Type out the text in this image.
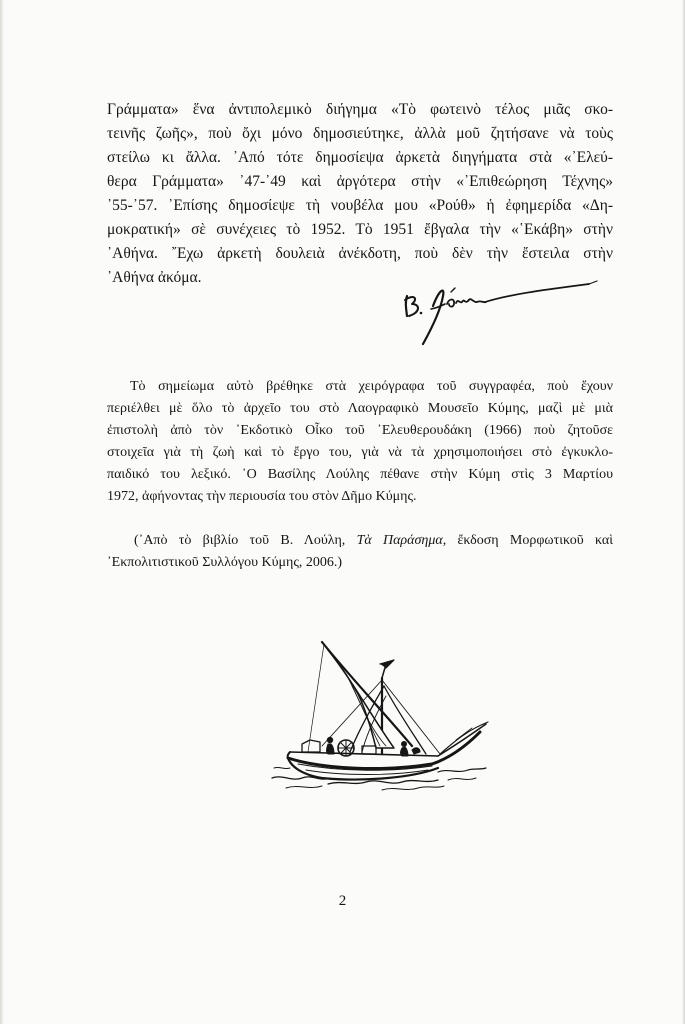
Γράμματα» ἕνα ἀντιπολεμικὸ διήγημα «Τὸ φωτεινὸ τέλος μιᾶς σκο-
τεινῆς ζωῆς», ποὺ ὄχι μόνο δημοσιεύτηκε, ἀλλὰ μοῦ ζητήσανε νὰ τοὺς
στείλω κι ἄλλα. ᾿Από τότε δημοσίεψα ἀρκετὰ διηγήματα στὰ «᾿Ελεύ-
θερα Γράμματα» ᾿47-᾿49 καὶ ἀργότερα στὴν «᾿Επιθεώρηση Τέχνης»
᾿55-᾿57. ᾿Επίσης δημοσίεψε τὴ νουβέλα μου «Ρούθ» ἡ ἐφημερίδα «Δη-
μοκρατική» σὲ συνέχειες τὸ 1952. Τὸ 1951 ἔβγαλα τὴν «῾Εκάβη» στὴν
᾿Αθήνα. ῎Εχω ἀρκετὴ δουλειὰ ἀνέκδοτη, ποὺ δὲν τὴν ἔστειλα στὴν
᾿Αθήνα ἀκόμα.
Τὸ σημείωμα αὐτὸ βρέθηκε στὰ χειρόγραφα τοῦ συγγραφέα, ποὺ ἔχουν
περιέλθει μὲ ὅλο τὸ ἀρχεῖο του στὸ Λαογραφικὸ Μουσεῖο Κύμης, μαζὶ μὲ μιὰ
ἐπιστολὴ ἀπὸ τὸν ᾿Εκδοτικὸ Οἶκο τοῦ ᾿Ελευθερουδάκη (1966) ποὺ ζητοῦσε
στοιχεῖα γιὰ τὴ ζωὴ καὶ τὸ ἔργο του, γιὰ νὰ τὰ χρησιμοποιήσει στὸ ἐγκυκλο-
παιδικό του λεξικό. ῾Ο Βασίλης Λούλης πέθανε στὴν Κύμη στὶς 3 Μαρτίου
1972, ἀφήνοντας τὴν περιουσία του στὸν Δῆμο Κύμης.
(᾿Απὸ τὸ βιβλίο τοῦ Β. Λούλη, Τὰ Παράσημα, ἔκδοση Μορφωτικοῦ καὶ
᾿Εκπολιτιστικοῦ Συλλόγου Κύμης, 2006.)
2
